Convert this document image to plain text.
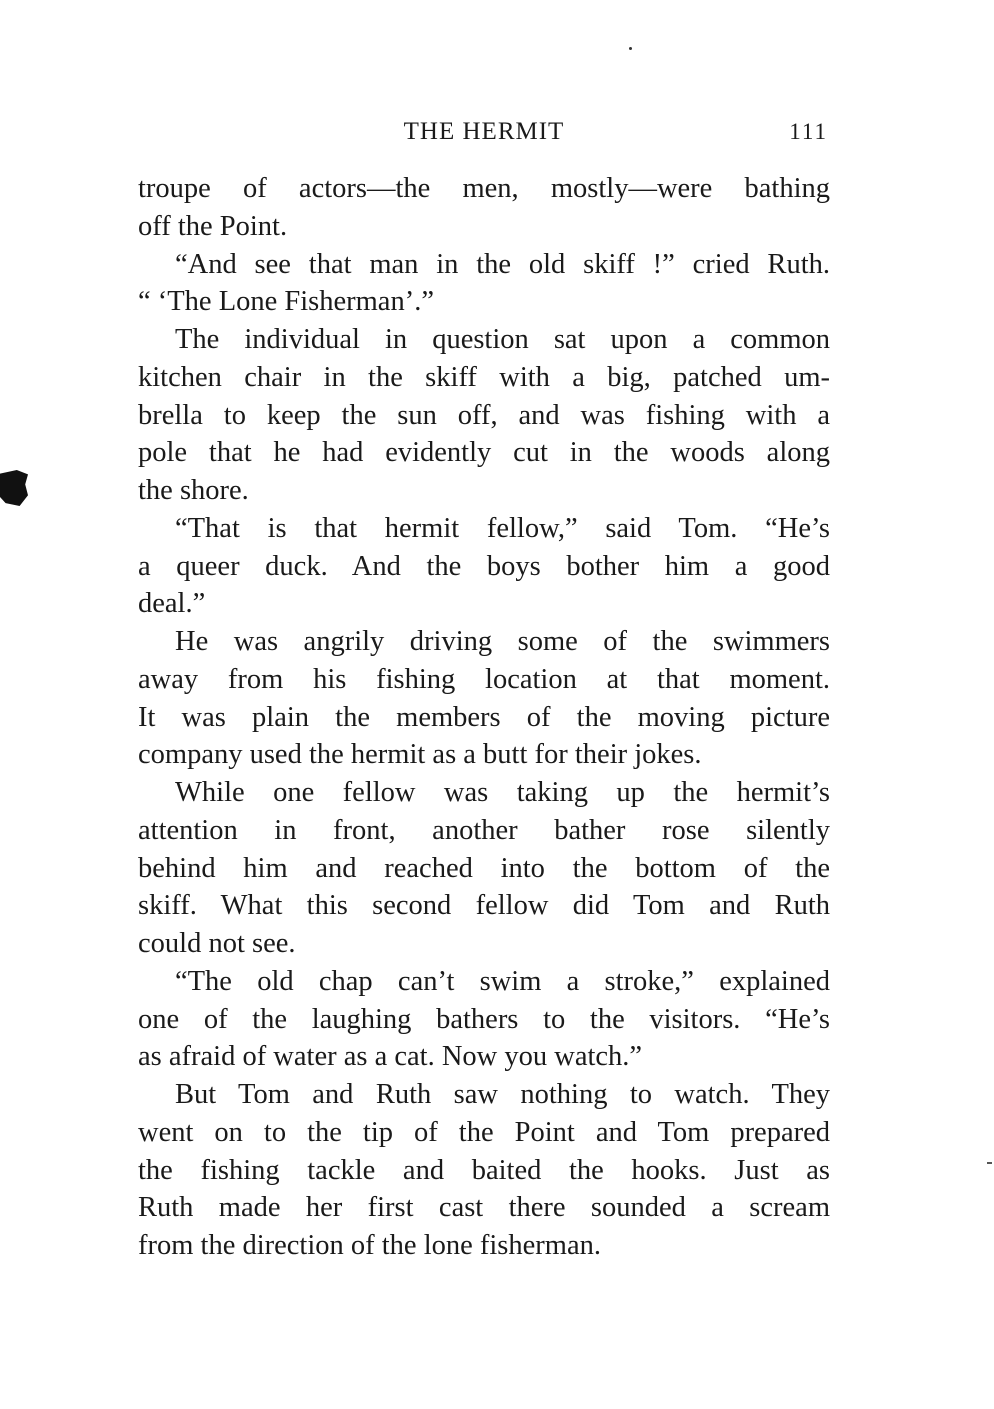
THE HERMIT	111
troupe of actors—the men, mostly—were bathing
off the Point.
“And see that man in the old skiff !” cried Ruth.
“ ‘The Lone Fisherman’.”
The individual in question sat upon a common
kitchen chair in the skiff with a big, patched um-
brella to keep the sun off, and was fishing with a
pole that he had evidently cut in the woods along
the shore.
“That is that hermit fellow,” said Tom. “He’s
a queer duck. And the boys bother him a good
deal.”
He was angrily driving some of the swimmers
away from his fishing location at that moment.
It was plain the members of the moving picture
company used the hermit as a butt for their jokes.
While one fellow was taking up the hermit’s
attention in front, another bather rose silently
behind him and reached into the bottom of the
skiff. What this second fellow did Tom and Ruth
could not see.
“The old chap can’t swim a stroke,” explained
one of the laughing bathers to the visitors. “He’s
as afraid of water as a cat. Now you watch.”
But Tom and Ruth saw nothing to watch. They
went on to the tip of the Point and Tom prepared
the fishing tackle and baited the hooks. Just as
Ruth made her first cast there sounded a scream
from the direction of the lone fisherman.
